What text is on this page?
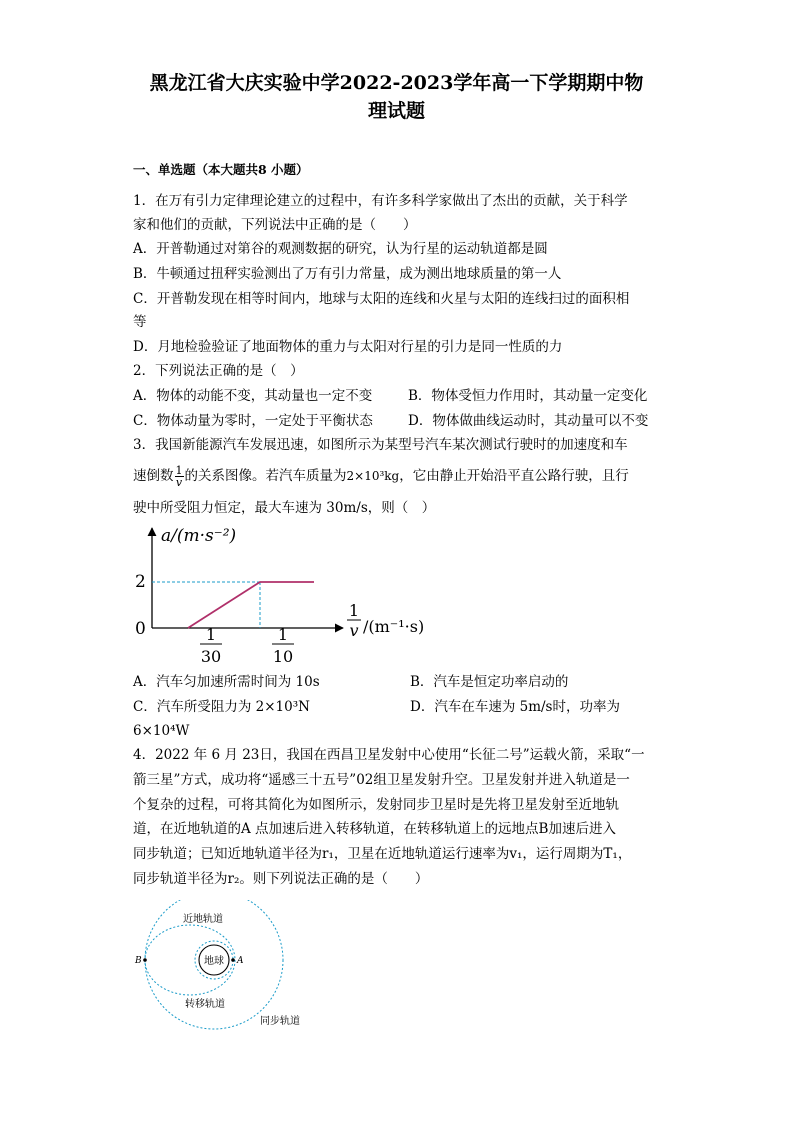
黑龙江省大庆实验中学2022-2023学年高一下学期期中物
理试题
一、单选题（本大题共8 小题）
1．在万有引力定律理论建立的过程中，有许多科学家做出了杰出的贡献，关于科学
家和他们的贡献，下列说法中正确的是（　　）
A．开普勒通过对第谷的观测数据的研究，认为行星的运动轨道都是圆
B．牛顿通过扭秤实验测出了万有引力常量，成为测出地球质量的第一人
C．开普勒发现在相等时间内，地球与太阳的连线和火星与太阳的连线扫过的面积相
等
D．月地检验验证了地面物体的重力与太阳对行星的引力是同一性质的力
2．下列说法正确的是（　）
A．物体的动能不变，其动量也一定不变	B．物体受恒力作用时，其动量一定变化
C．物体动量为零时，一定处于平衡状态	D．物体做曲线运动时，其动量可以不变
3．我国新能源汽车发展迅速，如图所示为某型号汽车某次测试行驶时的加速度和车
速倒数 $\frac{1}{v}$ 的关系图像。若汽车质量为2×10³kg，它由静止开始沿平直公路行驶，且行
驶中所受阻力恒定，最大车速为 30m/s，则（　）
a/(m·s⁻²)
2
0	1
30
1
10
1
v /(m⁻¹·s)
A．汽车匀加速所需时间为 10s	B．汽车是恒定功率启动的
C．汽车所受阻力为 2×10³N	D．汽车在车速为 5m/s时，功率为
6×10⁴W
4．2022 年 6 月 23日，我国在西昌卫星发射中心使用“长征二号”运载火箭，采取“一
箭三星”方式，成功将“遥感三十五号”02组卫星发射升空。卫星发射并进入轨道是一
个复杂的过程，可将其简化为如图所示，发射同步卫星时是先将卫星发射至近地轨
道，在近地轨道的A 点加速后进入转移轨道，在转移轨道上的远地点B加速后进入
同步轨道；已知近地轨道半径为r₁，卫星在近地轨道运行速率为v₁，运行周期为T₁，
同步轨道半径为r₂。则下列说法正确的是（　　）
地球 A
B
近地轨道
转移轨道
同步轨道
